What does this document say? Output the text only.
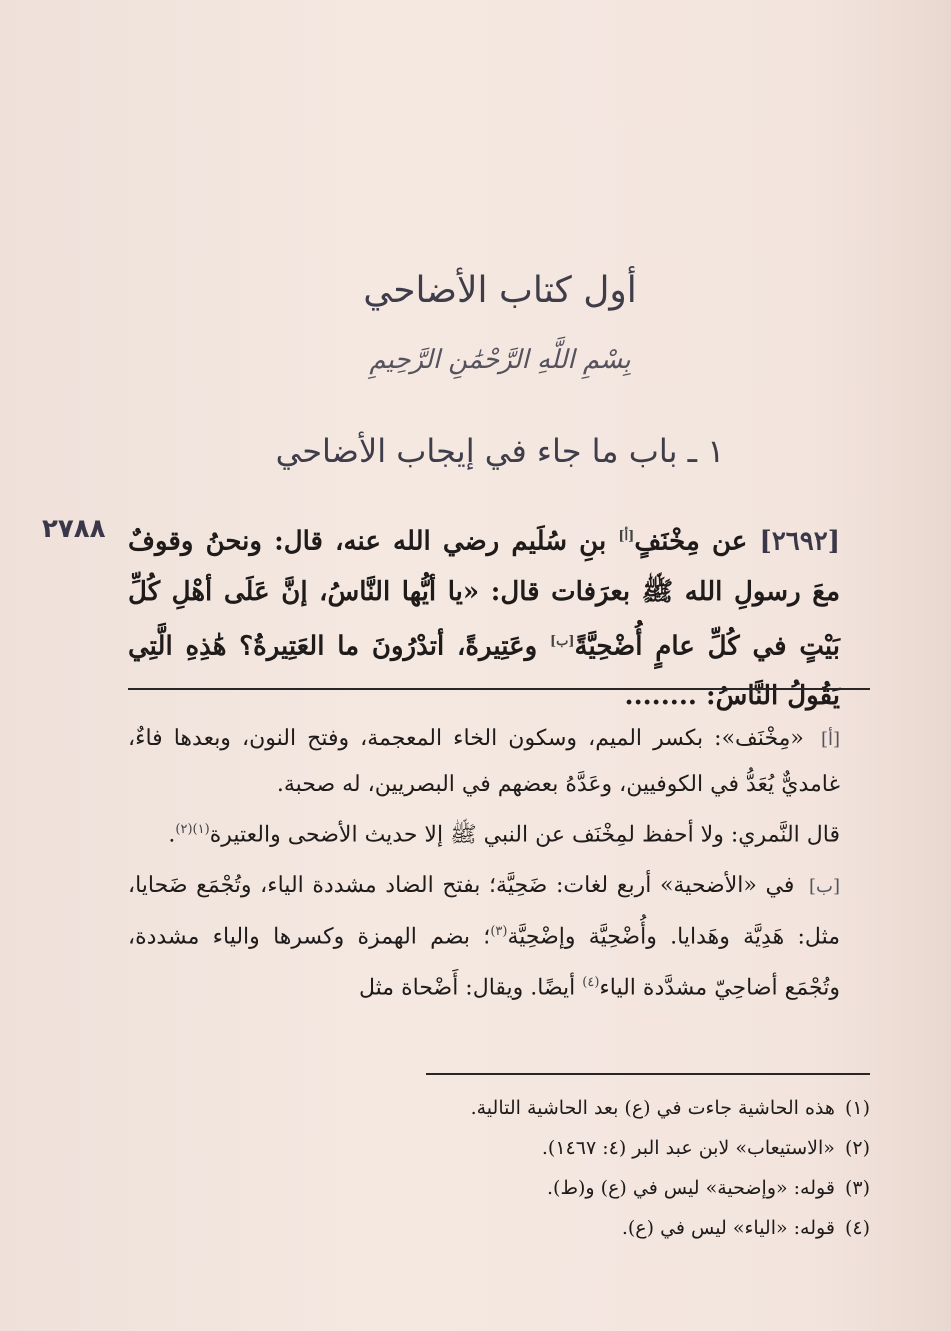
أول كتاب الأضاحي
بِسْمِ اللَّهِ الرَّحْمَٰنِ الرَّحِيمِ
١ ـ باب ما جاء في إيجاب الأضاحي
٢٧٨٨	[٢٦٩٢] عن مِخْنَفٍ[أ] بنِ سُلَيم رضي الله عنه، قال: ونحنُ وقوفٌ معَ رسولِ الله ﷺ بعرَفات قال: «يا أيُّها النَّاسُ، إنَّ عَلَى أهْلِ كُلِّ بَيْتٍ في كُلِّ عامٍ أُضْحِيَّةً[ب] وعَتِيرةً، أتدْرُونَ ما العَتِيرةُ؟ هَٰذِهِ الَّتِي يَقُولُ النَّاسُ: ........
[أ] «مِخْنَف»: بكسر الميم، وسكون الخاء المعجمة، وفتح النون، وبعدها فاءٌ، غامديٌّ يُعَدُّ في الكوفيين، وعَدَّهُ بعضهم في البصريين، له صحبة.
قال النَّمري: ولا أحفظ لمِخْنَف عن النبي ﷺ إلا حديث الأضحى والعتيرة$^{(١)(٢)}$.
[ب] في «الأضحية» أربع لغات: ضَحِيَّة؛ بفتح الضاد مشددة الياء، وتُجْمَع ضَحايا، مثل: هَدِيَّة وهَدايا. وأُضْحِيَّة وإضْحِيَّة$^{(٣)}$؛ بضم الهمزة وكسرها والياء مشددة، وتُجْمَع أضاحِيّ مشدَّدة الياء$^{(٤)}$ أيضًا. ويقال: أَضْحاة مثل
(١)هذه الحاشية جاءت في (ع) بعد الحاشية التالية.
(٢)«الاستيعاب» لابن عبد البر (٤: ١٤٦٧).
(٣)قوله: «وإضحية» ليس في (ع) و(ط).
(٤)قوله: «الياء» ليس في (ع).
